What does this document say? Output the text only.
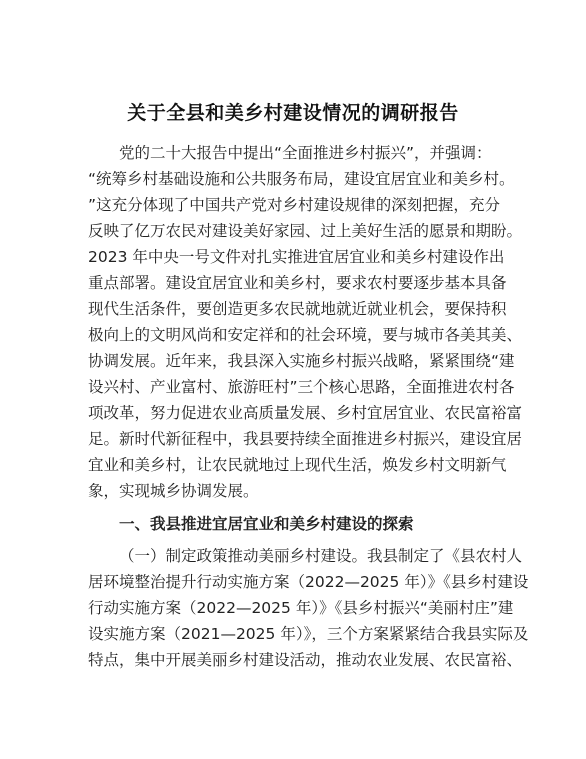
关于全县和美乡村建设情况的调研报告
党的二十大报告中提出“全面推进乡村振兴”，并强调：
“统筹乡村基础设施和公共服务布局，建设宜居宜业和美乡村。
”这充分体现了中国共产党对乡村建设规律的深刻把握，充分
反映了亿万农民对建设美好家园、过上美好生活的愿景和期盼。
2023 年中央一号文件对扎实推进宜居宜业和美乡村建设作出
重点部署。建设宜居宜业和美乡村，要求农村要逐步基本具备
现代生活条件，要创造更多农民就地就近就业机会，要保持积
极向上的文明风尚和安定祥和的社会环境，要与城市各美其美、
协调发展。近年来，我县深入实施乡村振兴战略，紧紧围绕“建
设兴村、产业富村、旅游旺村”三个核心思路，全面推进农村各
项改革，努力促进农业高质量发展、乡村宜居宜业、农民富裕富
足。新时代新征程中，我县要持续全面推进乡村振兴，建设宜居
宜业和美乡村，让农民就地过上现代生活，焕发乡村文明新气
象，实现城乡协调发展。
一、我县推进宜居宜业和美乡村建设的探索
（一）制定政策推动美丽乡村建设。我县制定了《县农村人
居环境整治提升行动实施方案（2022—2025 年）》《县乡村建设
行动实施方案（2022—2025 年）》《县乡村振兴“美丽村庄”建
设实施方案（2021—2025 年）》，三个方案紧紧结合我县实际及
特点，集中开展美丽乡村建设活动，推动农业发展、农民富裕、
